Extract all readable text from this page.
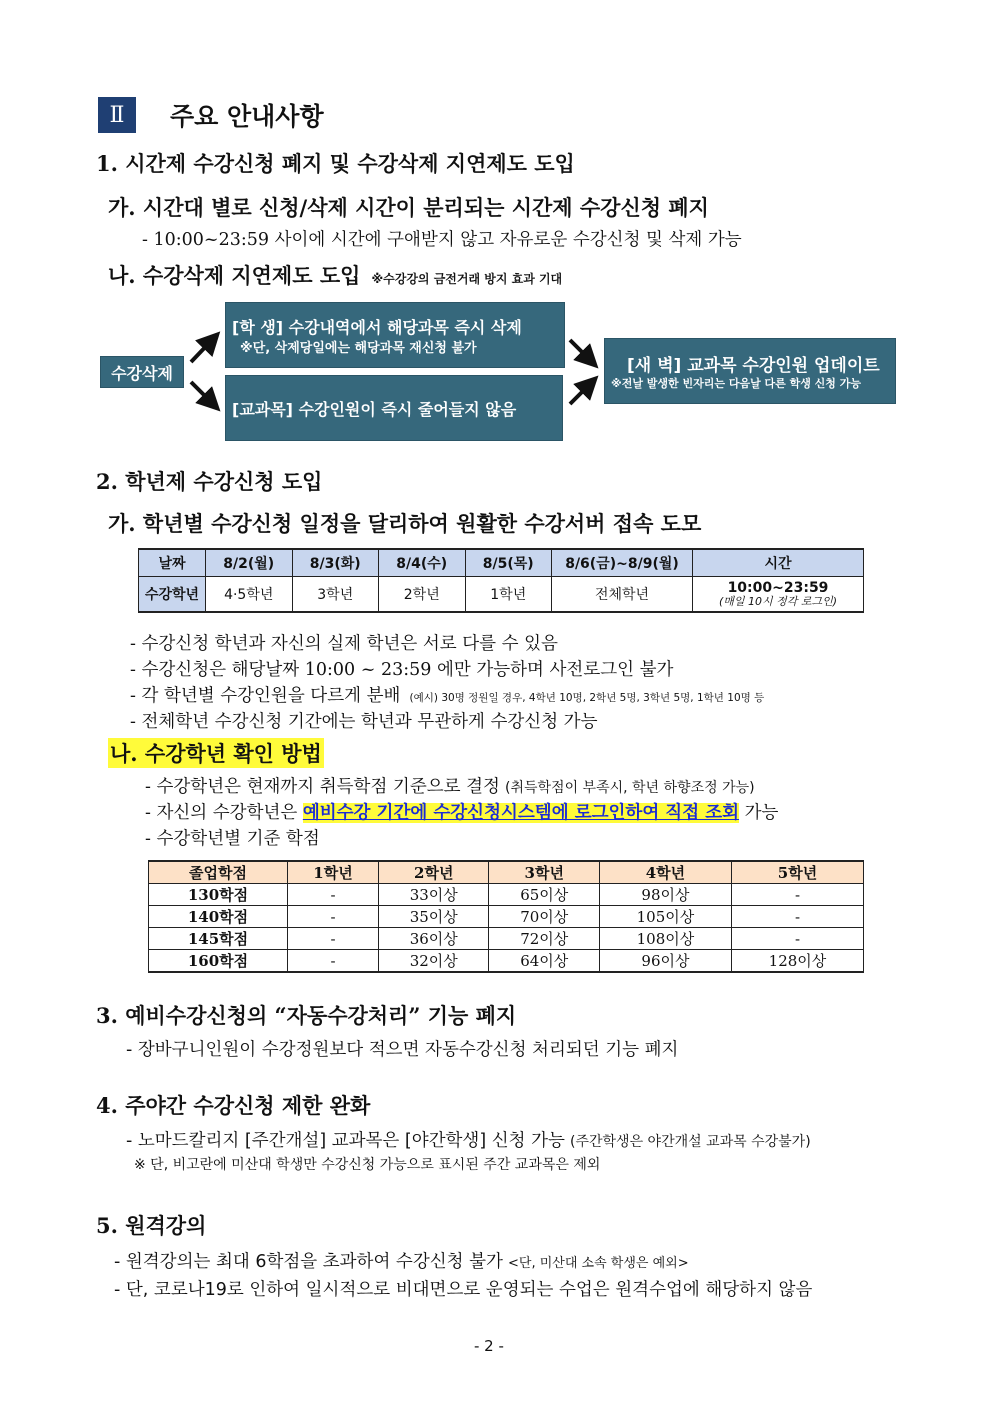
Ⅱ	주요 안내사항
1. 시간제 수강신청 폐지 및 수강삭제 지연제도 도입
가. 시간대 별로 신청/삭제 시간이 분리되는 시간제 수강신청 폐지
- 10:00~23:59 사이에 시간에 구애받지 않고 자유로운 수강신청 및 삭제 가능
나. 수강삭제 지연제도 도입 ※수강강의 금전거래 방지 효과 기대
수강삭제
[학 생] 수강내역에서 해당과목 즉시 삭제
※단, 삭제당일에는 해당과목 재신청 불가
[교과목] 수강인원이 즉시 줄어들지 않음
[새 벽] 교과목 수강인원 업데이트
※전날 발생한 빈자리는 다음날 다른 학생 신청 가능
2. 학년제 수강신청 도입
가. 학년별 수강신청 일정을 달리하여 원활한 수강서버 접속 도모
날짜	8/2(월)	8/3(화)	8/4(수)	8/5(목)	8/6(금)~8/9(월)	시간
수강학년	4·5학년	3학년	2학년	1학년	전체학년	10:00~23:59
(매일 10시 정각 로그인)
- 수강신청 학년과 자신의 실제 학년은 서로 다를 수 있음
- 수강신청은 해당날짜 10:00 ~ 23:59 에만 가능하며 사전로그인 불가
- 각 학년별 수강인원을 다르게 분배 (예시) 30명 정원일 경우, 4학년 10명, 2학년 5명, 3학년 5명, 1학년 10명 등
- 전체학년 수강신청 기간에는 학년과 무관하게 수강신청 가능
나. 수강학년 확인 방법
- 수강학년은 현재까지 취득학점 기준으로 결정 (취득학점이 부족시, 학년 하향조정 가능)
- 자신의 수강학년은 예비수강 기간에 수강신청시스템에 로그인하여 직접 조회 가능
- 수강학년별 기준 학점
졸업학점	1학년	2학년	3학년	4학년	5학년
130학점	-	33이상	65이상	98이상	-
140학점	-	35이상	70이상	105이상	-
145학점	-	36이상	72이상	108이상	-
160학점	-	32이상	64이상	96이상	128이상
3. 예비수강신청의 “자동수강처리” 기능 폐지
- 장바구니인원이 수강정원보다 적으면 자동수강신청 처리되던 기능 폐지
4. 주야간 수강신청 제한 완화
- 노마드칼리지 [주간개설] 교과목은 [야간학생] 신청 가능 (주간학생은 야간개설 교과목 수강불가)
※ 단, 비고란에 미산대 학생만 수강신청 가능으로 표시된 주간 교과목은 제외
5. 원격강의
- 원격강의는 최대 6학점을 초과하여 수강신청 불가 <단, 미산대 소속 학생은 예외>
- 단, 코로나19로 인하여 일시적으로 비대면으로 운영되는 수업은 원격수업에 해당하지 않음
- 2 -
